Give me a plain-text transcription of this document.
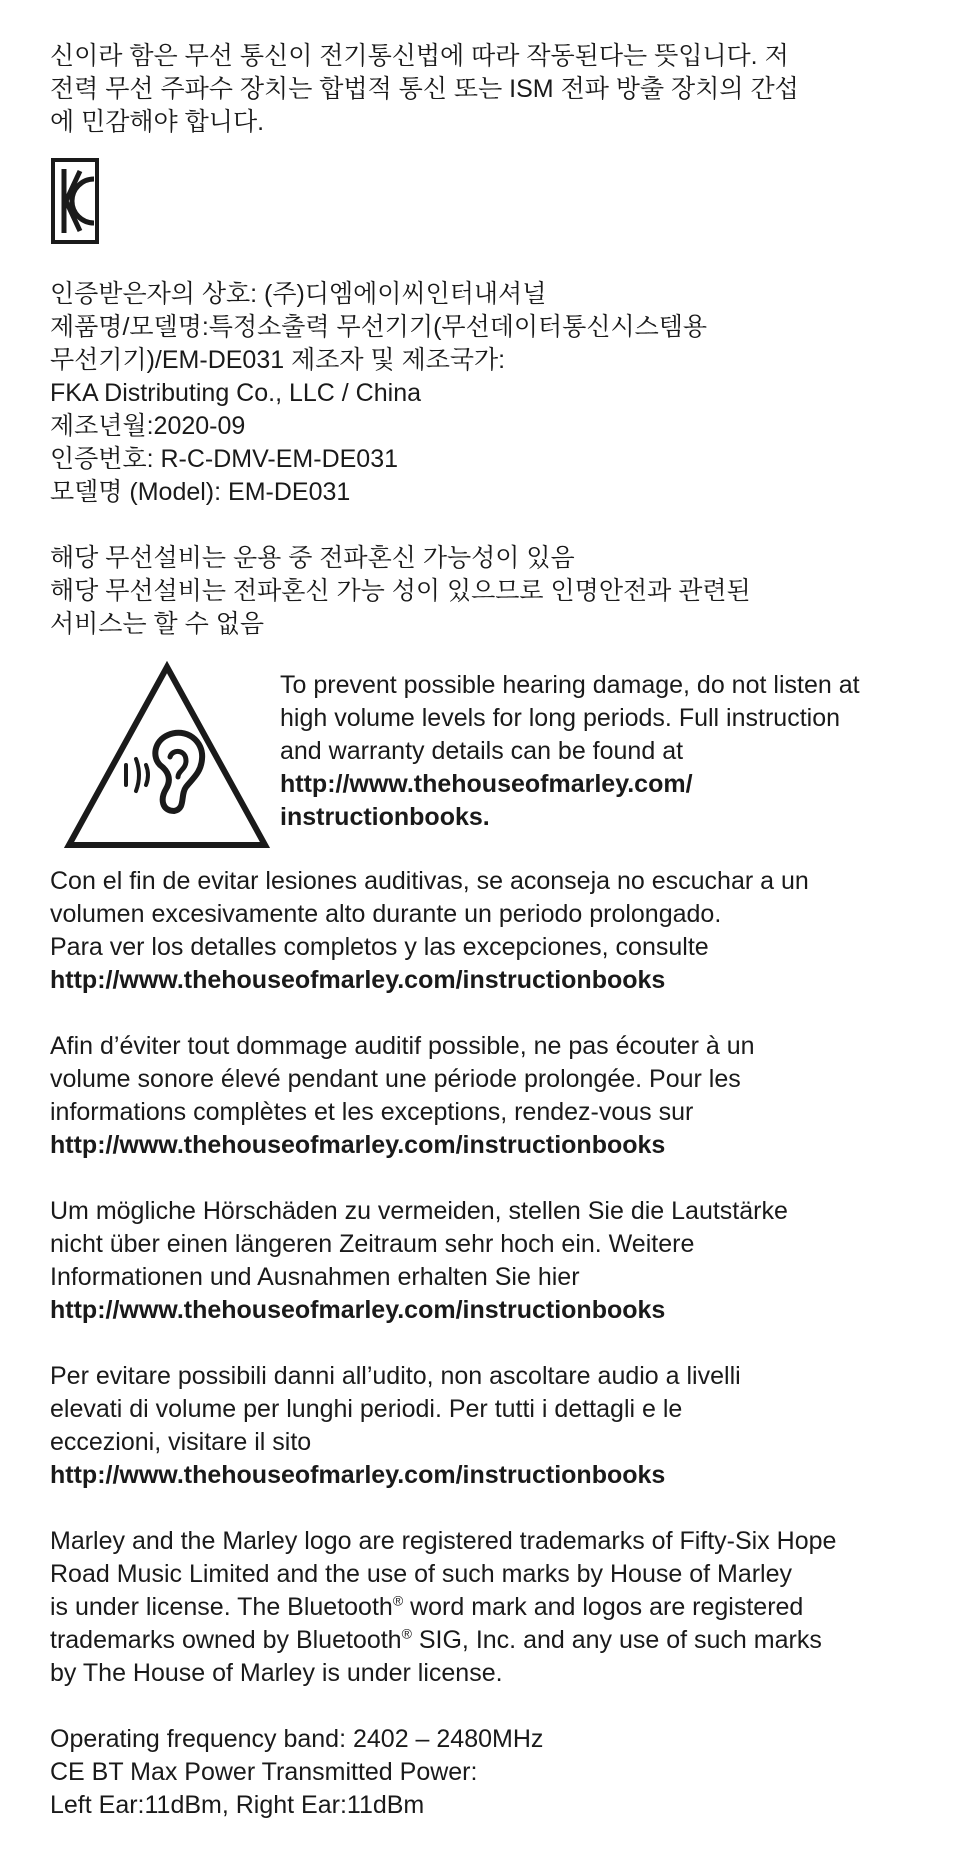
신이라 함은 무선 통신이 전기통신법에 따라 작동된다는 뜻입니다. 저
전력 무선 주파수 장치는 합법적 통신 또는 ISM 전파 방출 장치의 간섭
에 민감해야 합니다.

인증받은자의 상호: (주)디엠에이씨인터내셔널
제품명/모델명:특정소출력 무선기기(무선데이터통신시스템용
무선기기)/EM-DE031 제조자 및 제조국가:
FKA Distributing Co., LLC / China
제조년월:2020-09
인증번호: R-C-DMV-EM-DE031
모델명 (Model): EM-DE031

해당 무선설비는 운용 중 전파혼신 가능성이 있음
해당 무선설비는 전파혼신 가능 성이 있으므로 인명안전과 관련된
서비스는 할 수 없음

To prevent possible hearing damage, do not listen at
high volume levels for long periods. Full instruction
and warranty details can be found at
http://www.thehouseofmarley.com/
instructionbooks.

Con el fin de evitar lesiones auditivas, se aconseja no escuchar a un
volumen excesivamente alto durante un periodo prolongado.
Para ver los detalles completos y las excepciones, consulte
http://www.thehouseofmarley.com/instructionbooks

Afin d’éviter tout dommage auditif possible, ne pas écouter à un
volume sonore élevé pendant une période prolongée. Pour les
informations complètes et les exceptions, rendez-vous sur
http://www.thehouseofmarley.com/instructionbooks

Um mögliche Hörschäden zu vermeiden, stellen Sie die Lautstärke
nicht über einen längeren Zeitraum sehr hoch ein. Weitere
Informationen und Ausnahmen erhalten Sie hier
http://www.thehouseofmarley.com/instructionbooks

Per evitare possibili danni all’udito, non ascoltare audio a livelli
elevati di volume per lunghi periodi. Per tutti i dettagli e le
eccezioni, visitare il sito
http://www.thehouseofmarley.com/instructionbooks

Marley and the Marley logo are registered trademarks of Fifty-Six Hope
Road Music Limited and the use of such marks by House of Marley
is under license. The Bluetooth® word mark and logos are registered
trademarks owned by Bluetooth® SIG, Inc. and any use of such marks
by The House of Marley is under license.

Operating frequency band: 2402 – 2480MHz
CE BT Max Power Transmitted Power:
Left Ear:11dBm, Right Ear:11dBm
